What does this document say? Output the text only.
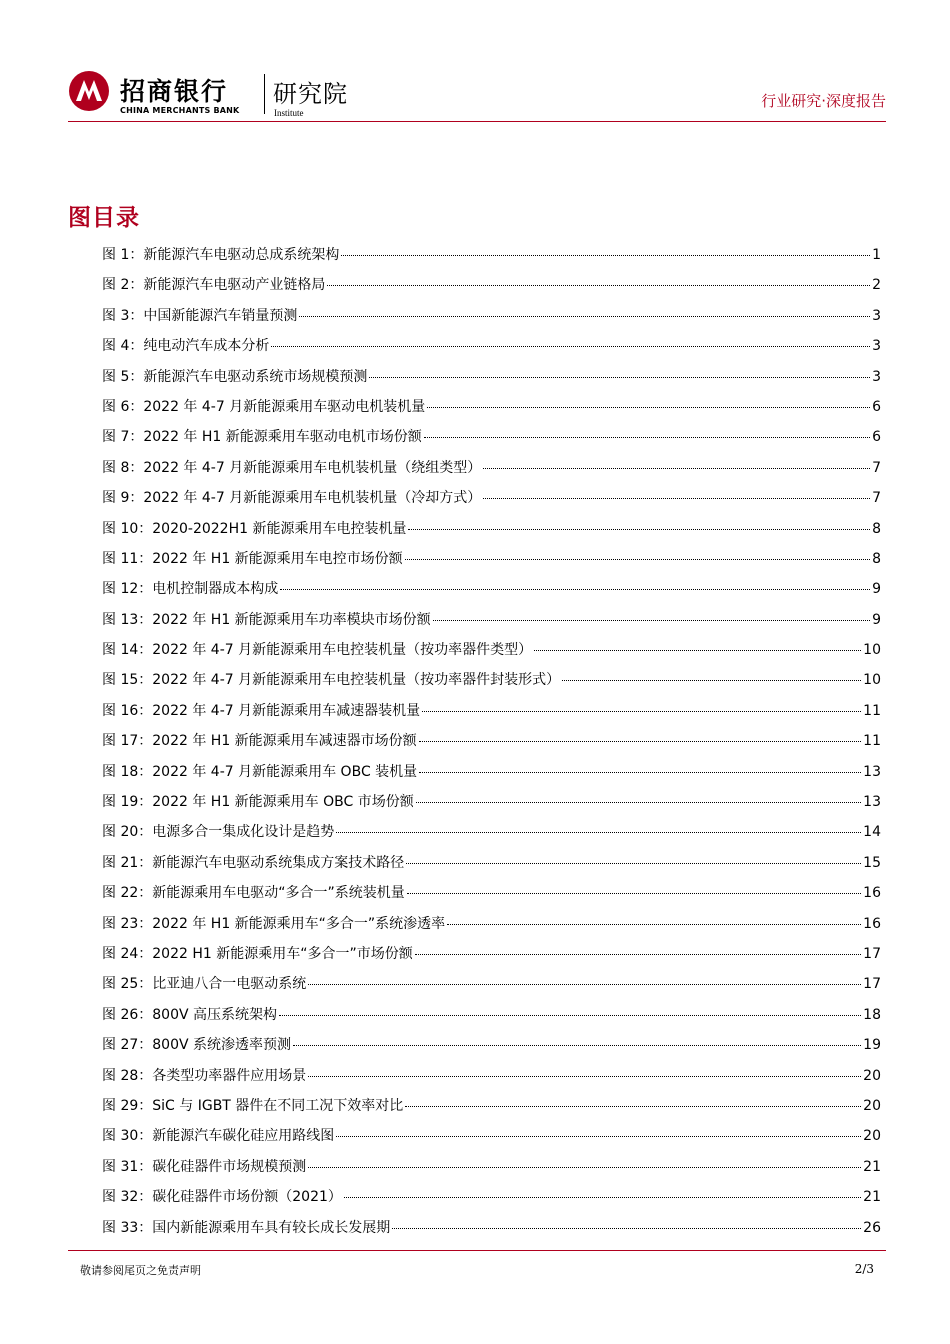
招商银行
CHINA MERCHANTS BANK
研究院
Institute
行业研究·深度报告
图目录
图 1：新能源汽车电驱动总成系统架构	1
图 2：新能源汽车电驱动产业链格局	2
图 3：中国新能源汽车销量预测	3
图 4：纯电动汽车成本分析	3
图 5：新能源汽车电驱动系统市场规模预测	3
图 6：2022 年 4-7 月新能源乘用车驱动电机装机量	6
图 7：2022 年 H1 新能源乘用车驱动电机市场份额	6
图 8：2022 年 4-7 月新能源乘用车电机装机量（绕组类型）	7
图 9：2022 年 4-7 月新能源乘用车电机装机量（冷却方式）	7
图 10：2020-2022H1 新能源乘用车电控装机量	8
图 11：2022 年 H1 新能源乘用车电控市场份额	8
图 12：电机控制器成本构成	9
图 13：2022 年 H1 新能源乘用车功率模块市场份额	9
图 14：2022 年 4-7 月新能源乘用车电控装机量（按功率器件类型）	10
图 15：2022 年 4-7 月新能源乘用车电控装机量（按功率器件封装形式）	10
图 16：2022 年 4-7 月新能源乘用车减速器装机量	11
图 17：2022 年 H1 新能源乘用车减速器市场份额	11
图 18：2022 年 4-7 月新能源乘用车 OBC 装机量	13
图 19：2022 年 H1 新能源乘用车 OBC 市场份额	13
图 20：电源多合一集成化设计是趋势	14
图 21：新能源汽车电驱动系统集成方案技术路径	15
图 22：新能源乘用车电驱动“多合一”系统装机量	16
图 23：2022 年 H1 新能源乘用车“多合一”系统渗透率	16
图 24：2022 H1 新能源乘用车“多合一”市场份额	17
图 25：比亚迪八合一电驱动系统	17
图 26：800V 高压系统架构	18
图 27：800V 系统渗透率预测	19
图 28：各类型功率器件应用场景	20
图 29：SiC 与 IGBT 器件在不同工况下效率对比	20
图 30：新能源汽车碳化硅应用路线图	20
图 31：碳化硅器件市场规模预测	21
图 32：碳化硅器件市场份额（2021）	21
图 33：国内新能源乘用车具有较长成长发展期	26
敬请参阅尾页之免责声明	2/3
